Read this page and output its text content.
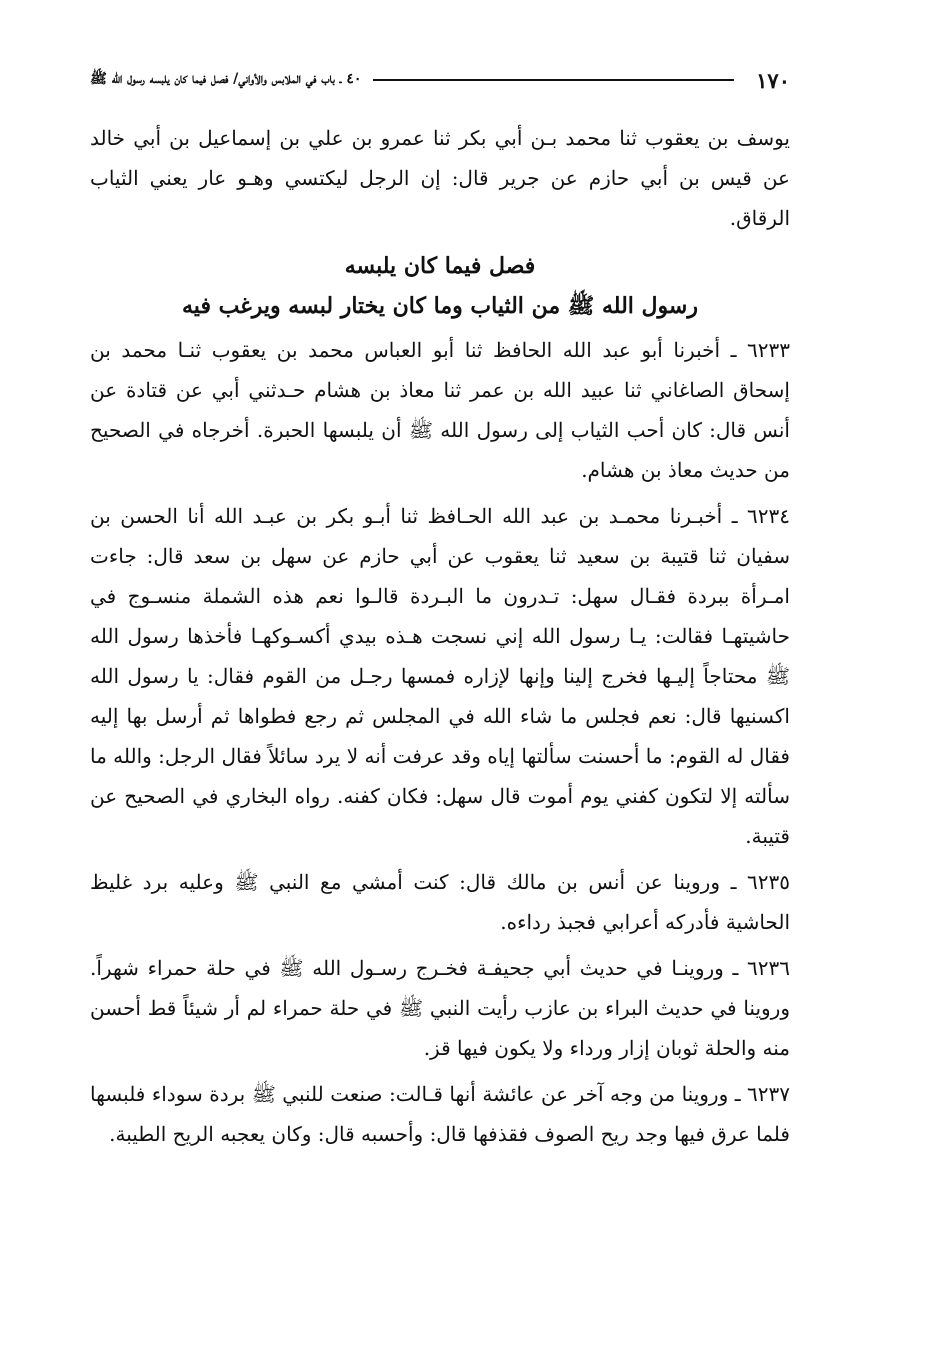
١٧٠
٤٠ ـ باب في الملابس والأواني/ فصل فيما كان يلبسه رسول الله ﷺ

يوسف بن يعقوب ثنا محمد بـن أبي بكر ثنا عمرو بن علي بن إسماعيل بن أبي خالد عن قيس بن أبي حازم عن جرير قال: إن الرجل ليكتسي وهـو عار يعني الثياب الرقاق.

فصل فيما كان يلبسه
رسول الله ﷺ من الثياب وما كان يختار لبسه ويرغب فيه

٦٢٣٣ ـ أخبرنا أبو عبد الله الحافظ ثنا أبو العباس محمد بن يعقوب ثنـا محمد بن إسحاق الصاغاني ثنا عبيد الله بن عمر ثنا معاذ بن هشام حـدثني أبي عن قتادة عن أنس قال: كان أحب الثياب إلى رسول الله ﷺ أن يلبسها الحبرة. أخرجاه في الصحيح من حديث معاذ بن هشام.

٦٢٣٤ ـ أخبـرنا محمـد بن عبد الله الحـافظ ثنا أبـو بكر بن عبـد الله أنا الحسن بن سفيان ثنا قتيبة بن سعيد ثنا يعقوب عن أبي حازم عن سهل بن سعد قال: جاءت امـرأة ببردة فقـال سهل: تـدرون ما البـردة قالـوا نعم هذه الشملة منسـوج في حاشيتهـا فقالت: يـا رسول الله إني نسجت هـذه بيدي أكسـوكهـا فأخذها رسول الله ﷺ محتاجاً إليـها فخرج إلينا وإنها لإزاره فمسها رجـل من القوم فقال: يا رسول الله اكسنيها قال: نعم فجلس ما شاء الله في المجلس ثم رجع فطواها ثم أرسل بها إليه فقال له القوم: ما أحسنت سألتها إياه وقد عرفت أنه لا يرد سائلاً فقال الرجل: والله ما سألته إلا لتكون كفني يوم أموت قال سهل: فكان كفنه. رواه البخاري في الصحيح عن قتيبة.

٦٢٣٥ ـ وروينا عن أنس بن مالك قال: كنت أمشي مع النبي ﷺ وعليه برد غليظ الحاشية فأدركه أعرابي فجبذ رداءه.

٦٢٣٦ ـ وروينـا في حديث أبي جحيفـة فخـرج رسـول الله ﷺ في حلة حمراء شهراً. وروينا في حديث البراء بن عازب رأيت النبي ﷺ في حلة حمراء لم أر شيئاً قط أحسن منه والحلة ثوبان إزار ورداء ولا يكون فيها قز.

٦٢٣٧ ـ وروينا من وجه آخر عن عائشة أنها قـالت: صنعت للنبي ﷺ بردة سوداء فلبسها فلما عرق فيها وجد ريح الصوف فقذفها قال: وأحسبه قال: وكان يعجبه الريح الطيبة.
